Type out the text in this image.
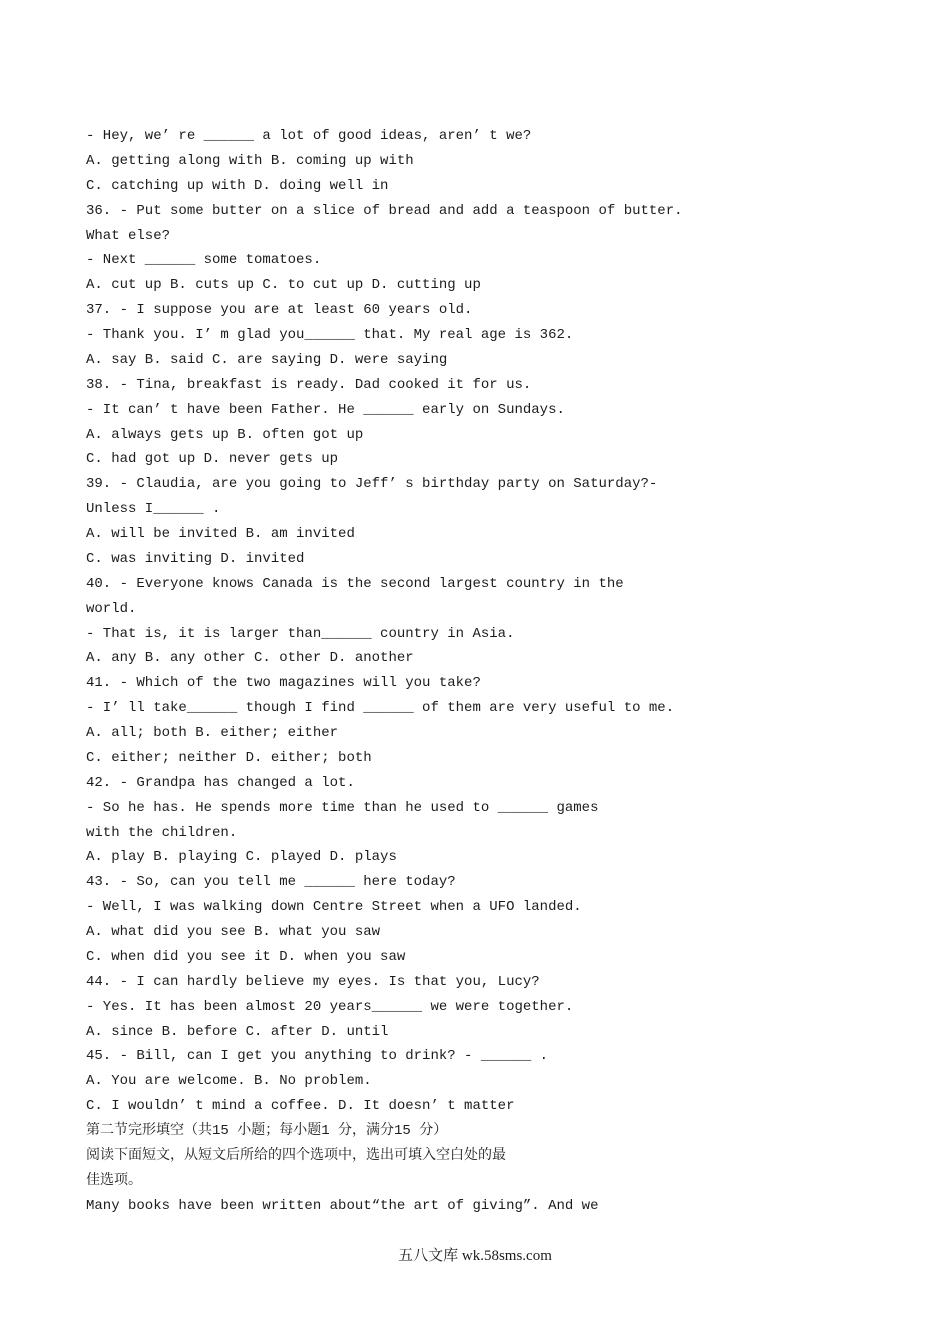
- Hey, we’ re ______ a lot of good ideas, aren’ t we?
A. getting along with B. coming up with
C. catching up with D. doing well in
36. - Put some butter on a slice of bread and add a teaspoon of butter.
What else?
- Next ______ some tomatoes.
A. cut up B. cuts up C. to cut up D. cutting up
37. - I suppose you are at least 60 years old.
- Thank you. I’ m glad you______ that. My real age is 362.
A. say B. said C. are saying D. were saying
38. - Tina, breakfast is ready. Dad cooked it for us.
- It can’ t have been Father. He ______ early on Sundays.
A. always gets up B. often got up
C. had got up D. never gets up
39. - Claudia, are you going to Jeff’ s birthday party on Saturday?-
Unless I______ .
A. will be invited B. am invited
C. was inviting D. invited
40. - Everyone knows Canada is the second largest country in the
world.
- That is, it is larger than______ country in Asia.
A. any B. any other C. other D. another
41. - Which of the two magazines will you take?
- I’ ll take______ though I find ______ of them are very useful to me.
A. all; both B. either; either
C. either; neither D. either; both
42. - Grandpa has changed a lot.
- So he has. He spends more time than he used to ______ games
with the children.
A. play B. playing C. played D. plays
43. - So, can you tell me ______ here today?
- Well, I was walking down Centre Street when a UFO landed.
A. what did you see B. what you saw
C. when did you see it D. when you saw
44. - I can hardly believe my eyes. Is that you, Lucy?
- Yes. It has been almost 20 years______ we were together.
A. since B. before C. after D. until
45. - Bill, can I get you anything to drink? - ______ .
A. You are welcome. B. No problem.
C. I wouldn’ t mind a coffee. D. It doesn’ t matter
第二节完形填空（共15 小题；每小题1 分，满分15 分）
阅读下面短文，从短文后所给的四个选项中，选出可填入空白处的最
佳选项。
Many books have been written about“the art of giving”. And we
五八文库 wk.58sms.com
